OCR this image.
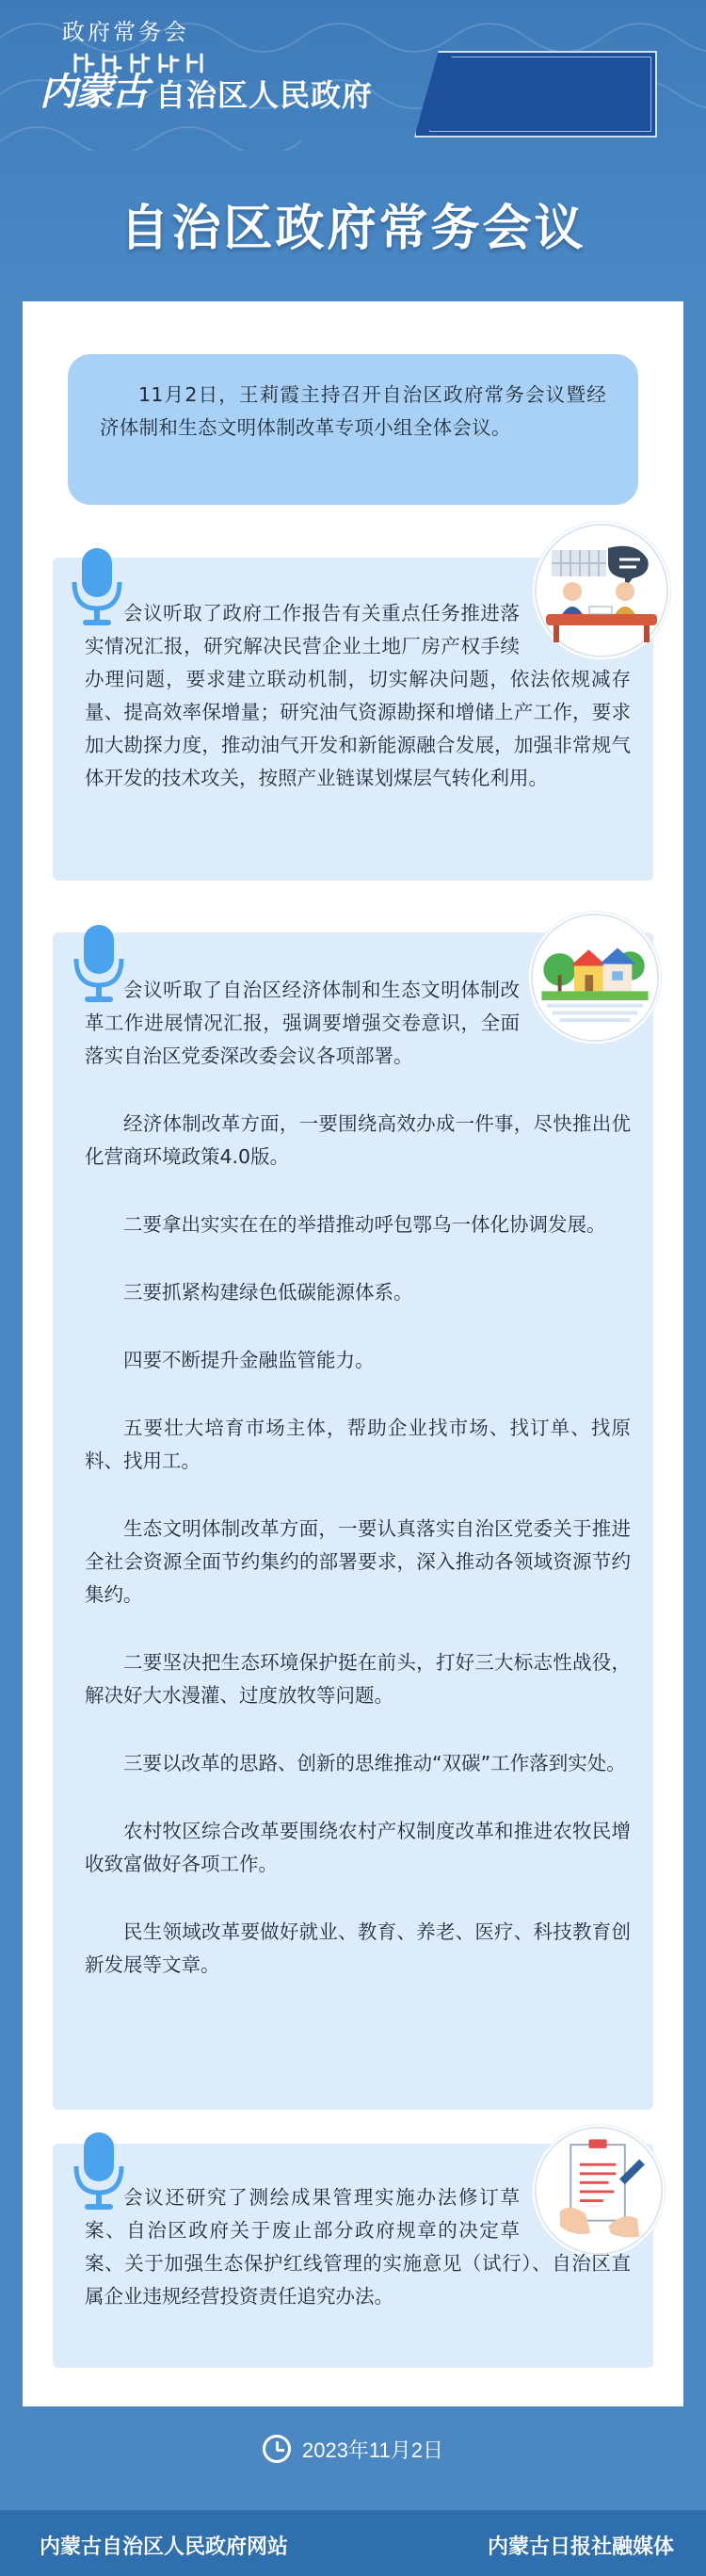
内蒙古 自治区人民政府
政府常务会
自治区政府常务会议

11月2日，王莉霞主持召开自治区政府常务会议暨经济体制和生态文明体制改革专项小组全体会议。

会议听取了政府工作报告有关重点任务推进落实情况汇报，研究解决民营企业土地厂房产权手续办理问题，要求建立联动机制，切实解决问题，依法依规减存量、提高效率保增量；研究油气资源勘探和增储上产工作，要求加大勘探力度，推动油气开发和新能源融合发展，加强非常规气体开发的技术攻关，按照产业链谋划煤层气转化利用。

会议听取了自治区经济体制和生态文明体制改革工作进展情况汇报，强调要增强交卷意识，全面落实自治区党委深改委会议各项部署。

经济体制改革方面，一要围绕高效办成一件事，尽快推出优化营商环境政策4.0版。

二要拿出实实在在的举措推动呼包鄂乌一体化协调发展。

三要抓紧构建绿色低碳能源体系。

四要不断提升金融监管能力。

五要壮大培育市场主体，帮助企业找市场、找订单、找原料、找用工。

生态文明体制改革方面，一要认真落实自治区党委关于推进全社会资源全面节约集约的部署要求，深入推动各领域资源节约集约。

二要坚决把生态环境保护挺在前头，打好三大标志性战役，解决好大水漫灌、过度放牧等问题。

三要以改革的思路、创新的思维推动“双碳”工作落到实处。

农村牧区综合改革要围绕农村产权制度改革和推进农牧民增收致富做好各项工作。

民生领域改革要做好就业、教育、养老、医疗、科技教育创新发展等文章。

会议还研究了测绘成果管理实施办法修订草案、自治区政府关于废止部分政府规章的决定草案、关于加强生态保护红线管理的实施意见（试行）、自治区直属企业违规经营投资责任追究办法。

2023年11月2日
内蒙古自治区人民政府网站	内蒙古日报社融媒体
